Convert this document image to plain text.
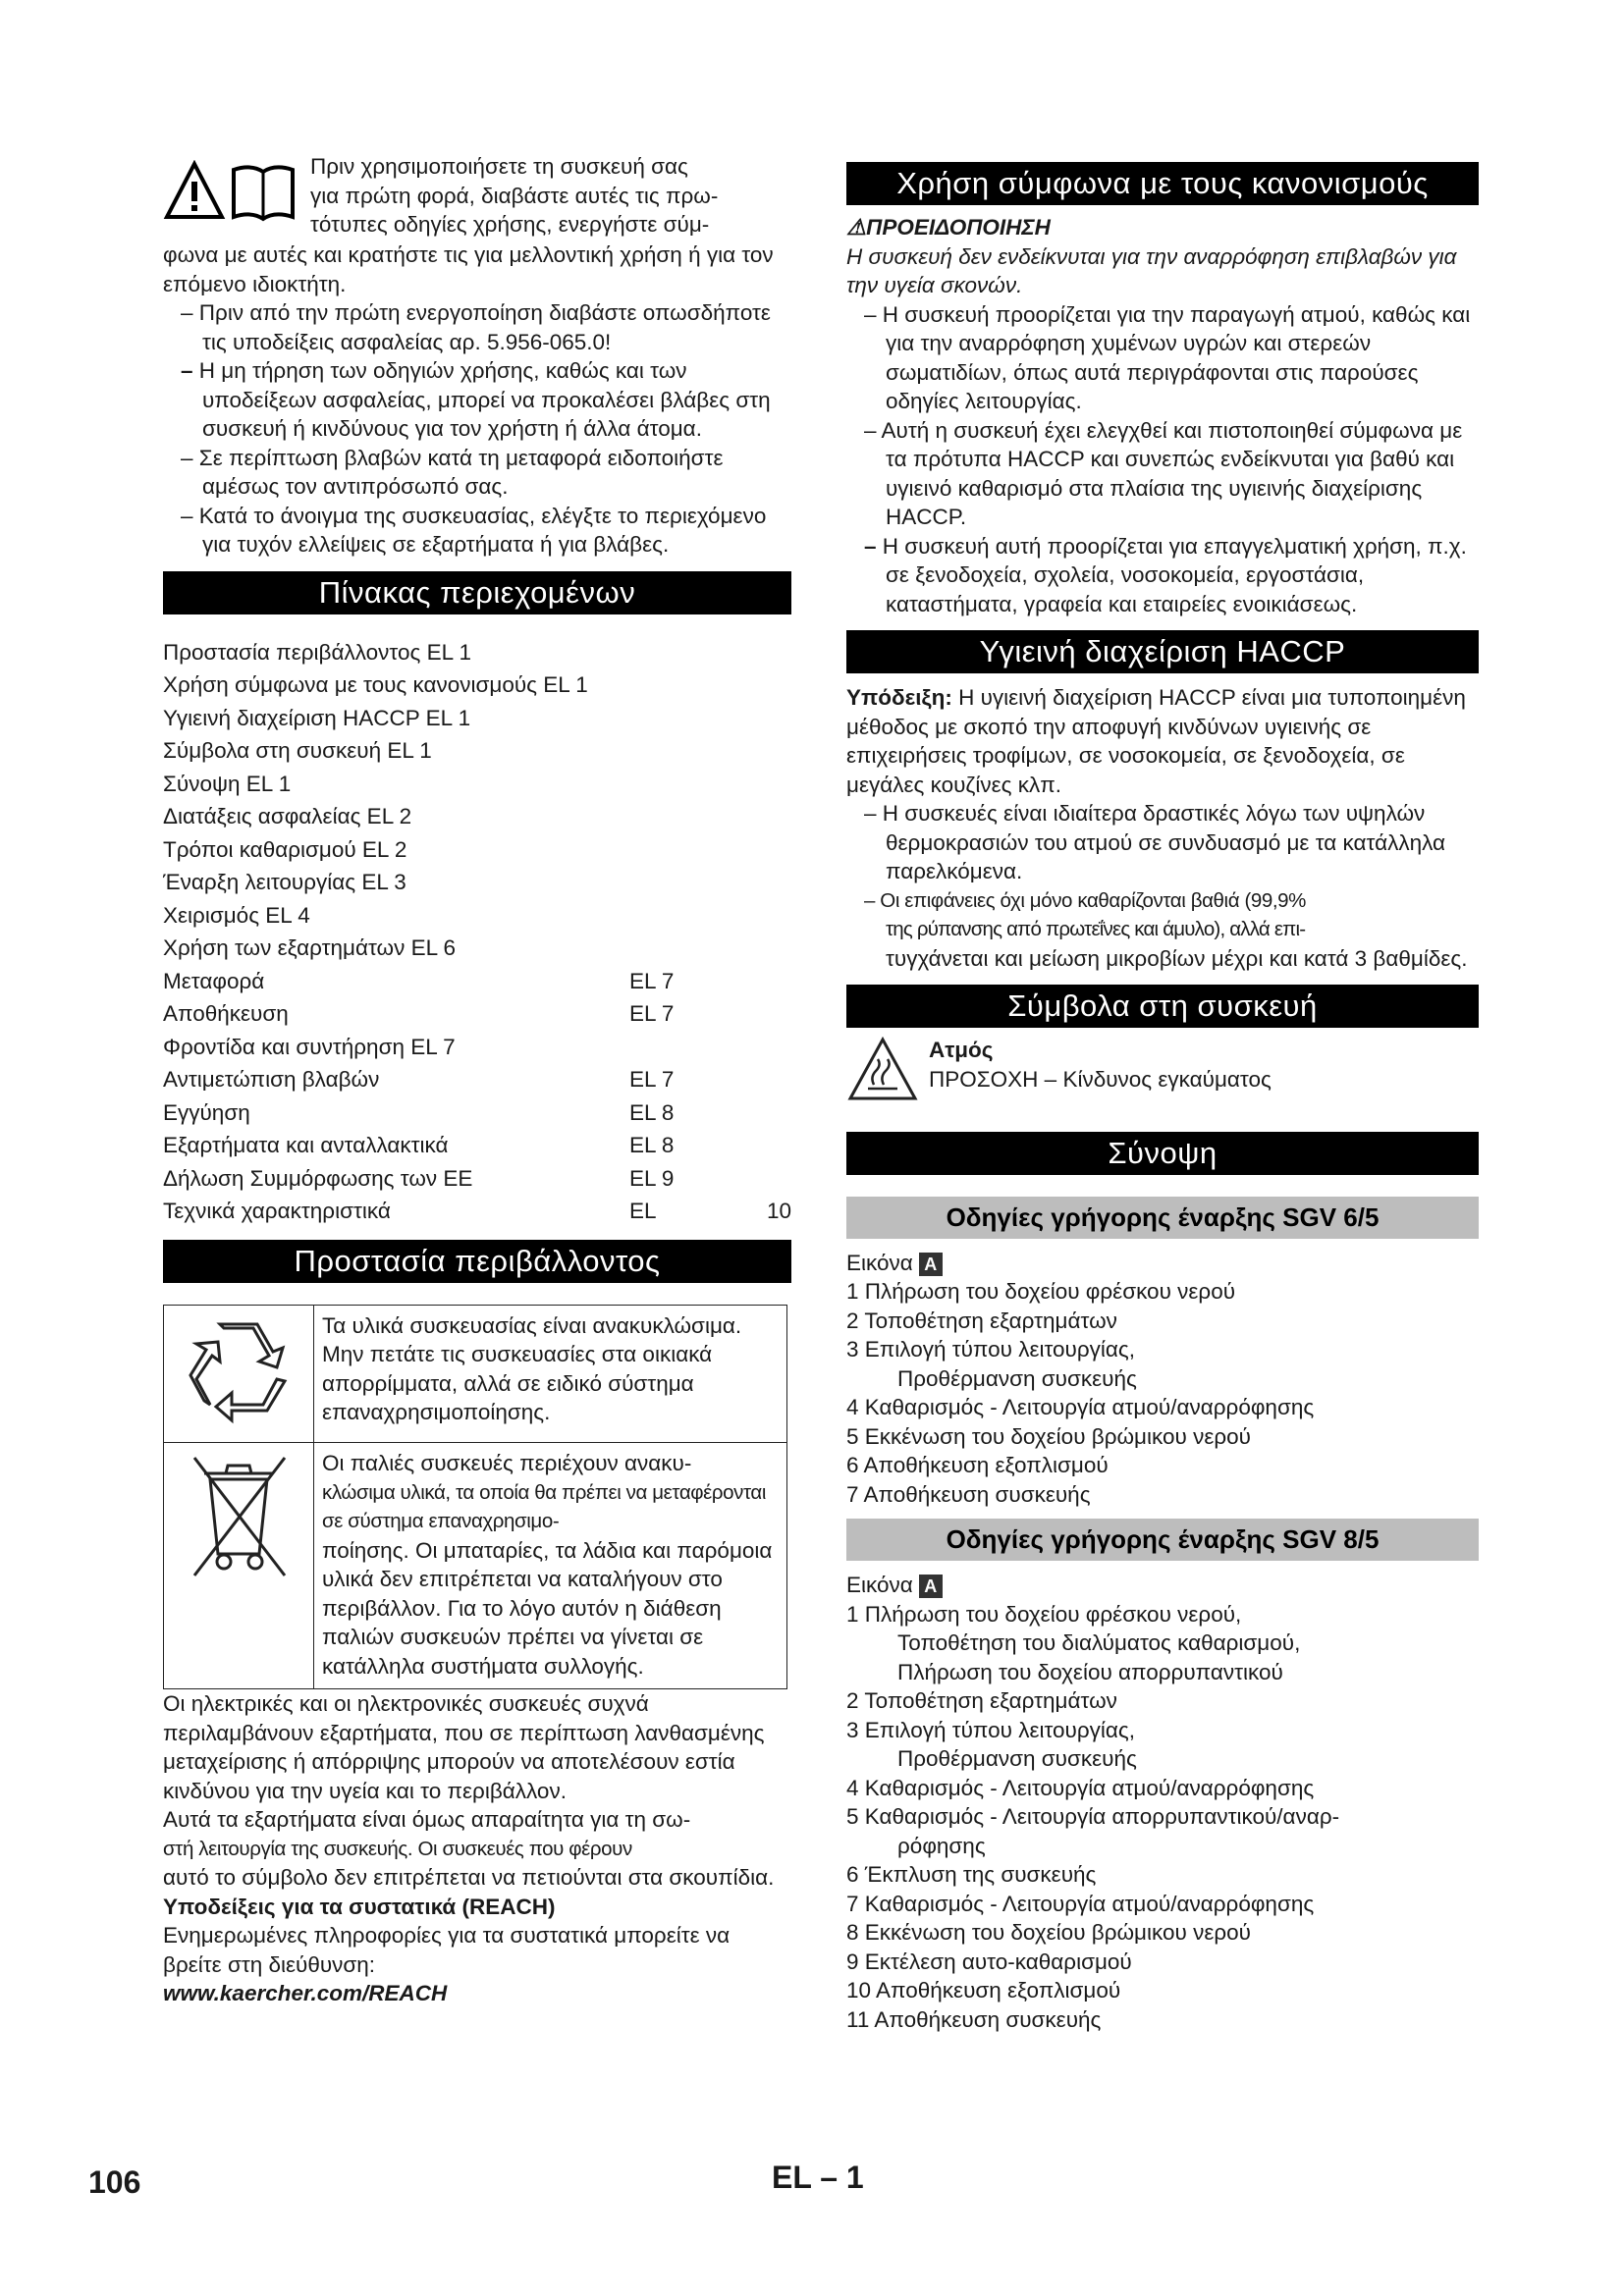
Πριν χρησιμοποιήσετε τη συσκευή σας

για πρώτη φορά, διαβάστε αυτές τις πρω-

τότυπες οδηγίες χρήσης, ενεργήστε σύμ-

φωνα με αυτές και κρατήστε τις για μελλοντική χρήση ή για τον επόμενο ιδιοκτήτη.

– Πριν από την πρώτη ενεργοποίηση διαβάστε οπωσδήποτε τις υποδείξεις ασφαλείας αρ. 5.956-065.0!

– Η μη τήρηση των οδηγιών χρήσης, καθώς και των υποδείξεων ασφαλείας, μπορεί να προκαλέσει βλάβες στη συσκευή ή κινδύνους για τον χρήστη ή άλλα άτομα.

– Σε περίπτωση βλαβών κατά τη μεταφορά ειδοποιήστε αμέσως τον αντιπρόσωπό σας.

– Κατά το άνοιγμα της συσκευασίας, ελέγξτε το περιεχόμενο για τυχόν ελλείψεις σε εξαρτήματα ή για βλάβες.

Πίνακας περιεχομένων
Προστασία περιβάλλοντος EL 1
Χρήση σύμφωνα με τους κανονισμούς EL 1
Υγιεινή διαχείριση HACCP EL 1
Σύμβολα στη συσκευή EL 1
Σύνοψη EL 1
Διατάξεις ασφαλείας EL 2
Τρόποι καθαρισμού EL 2
Έναρξη λειτουργίας EL 3
Χειρισμός EL 4
Χρήση των εξαρτημάτων EL 6
Μεταφορά	EL 7
Αποθήκευση	EL 7
Φροντίδα και συντήρηση EL 7
Αντιμετώπιση βλαβών	EL 7
Εγγύηση	EL 8
Εξαρτήματα και ανταλλακτικά	EL 8
Δήλωση Συμμόρφωσης των ΕΕ	EL 9
Τεχνικά χαρακτηριστικά	EL	10
Προστασία περιβάλλοντος
	Τα υλικά συσκευασίας είναι ανακυκλώσιμα. Μην πετάτε τις συσκευασίες στα οικιακά απορρίμματα, αλλά σε ειδικό σύστημα επαναχρησιμοποίησης.

Οι παλιές συσκευές περιέχουν ανακυ-
κλώσιμα υλικά, τα οποία θα πρέπει να μεταφέρονται σε σύστημα επαναχρησιμο-
ποίησης. Οι μπαταρίες, τα λάδια και παρόμοια υλικά δεν επιτρέπεται να καταλήγουν στο περιβάλλον. Για το λόγο αυτόν η διάθεση παλιών συσκευών πρέπει να γίνεται σε κατάλληλα συστήματα συλλογής.

Οι ηλεκτρικές και οι ηλεκτρονικές συσκευές συχνά περιλαμβάνουν εξαρτήματα, που σε περίπτωση λανθασμένης μεταχείρισης ή απόρριψης μπορούν να αποτελέσουν εστία κινδύνου για την υγεία και το περιβάλλον.

Αυτά τα εξαρτήματα είναι όμως απαραίτητα για τη σω-

στή λειτουργία της συσκευής. Οι συσκευές που φέρουν

αυτό το σύμβολο δεν επιτρέπεται να πετιούνται στα σκουπίδια.

Υποδείξεις για τα συστατικά (REACH)

Ενημερωμένες πληροφορίες για τα συστατικά μπορείτε να βρείτε στη διεύθυνση:

www.kaercher.com/REACH

Χρήση σύμφωνα με τους κανονισμούς

⚠ΠΡΟΕΙΔΟΠΟΙΗΣΗ

Η συσκευή δεν ενδείκνυται για την αναρρόφηση επιβλαβών για την υγεία σκονών.

– Η συσκευή προορίζεται για την παραγωγή ατμού, καθώς και για την αναρρόφηση χυμένων υγρών και στερεών σωματιδίων, όπως αυτά περιγράφονται στις παρούσες οδηγίες λειτουργίας.

– Αυτή η συσκευή έχει ελεγχθεί και πιστοποιηθεί σύμφωνα με τα πρότυπα HACCP και συνεπώς ενδείκνυται για βαθύ και υγιεινό καθαρισμό στα πλαίσια της υγιεινής διαχείρισης HACCP.

– Η συσκευή αυτή προορίζεται για επαγγελματική χρήση, π.χ. σε ξενοδοχεία, σχολεία, νοσοκομεία, εργοστάσια, καταστήματα, γραφεία και εταιρείες ενοικιάσεως.

Υγιεινή διαχείριση HACCP

Υπόδειξη: Η υγιεινή διαχείριση HACCP είναι μια τυποποιημένη μέθοδος με σκοπό την αποφυγή κινδύνων υγιεινής σε επιχειρήσεις τροφίμων, σε νοσοκομεία, σε ξενοδοχεία, σε μεγάλες κουζίνες κλπ.

– Η συσκευές είναι ιδιαίτερα δραστικές λόγω των υψηλών θερμοκρασιών του ατμού σε συνδυασμό με τα κατάλληλα παρελκόμενα.

– Οι επιφάνειες όχι μόνο καθαρίζονται βαθιά (99,9%

της ρύπανσης από πρωτεΐνες και άμυλο), αλλά επι-

τυγχάνεται και μείωση μικροβίων μέχρι και κατά 3 βαθμίδες.

Σύμβολα στη συσκευή

Ατμός

ΠΡΟΣΟΧΗ – Κίνδυνος εγκαύματος

Σύνοψη
Οδηγίες γρήγορης έναρξης SGV 6/5

Εικόνα A

1 Πλήρωση του δοχείου φρέσκου νερού

2 Τοποθέτηση εξαρτημάτων

3 Επιλογή τύπου λειτουργίας,

Προθέρμανση συσκευής

4 Καθαρισμός - Λειτουργία ατμού/αναρρόφησης

5 Εκκένωση του δοχείου βρώμικου νερού

6 Αποθήκευση εξοπλισμού

7 Αποθήκευση συσκευής

Οδηγίες γρήγορης έναρξης SGV 8/5

Εικόνα A

1 Πλήρωση του δοχείου φρέσκου νερού,

Τοποθέτηση του διαλύματος καθαρισμού,

Πλήρωση του δοχείου απορρυπαντικού

2 Τοποθέτηση εξαρτημάτων

3 Επιλογή τύπου λειτουργίας,

Προθέρμανση συσκευής

4 Καθαρισμός - Λειτουργία ατμού/αναρρόφησης

5 Καθαρισμός - Λειτουργία απορρυπαντικού/αναρ-

ρόφησης

6 Έκπλυση της συσκευής

7 Καθαρισμός - Λειτουργία ατμού/αναρρόφησης

8 Εκκένωση του δοχείου βρώμικου νερού

9 Εκτέλεση αυτο-καθαρισμού

10 Αποθήκευση εξοπλισμού

11 Αποθήκευση συσκευής

106	EL – 1
